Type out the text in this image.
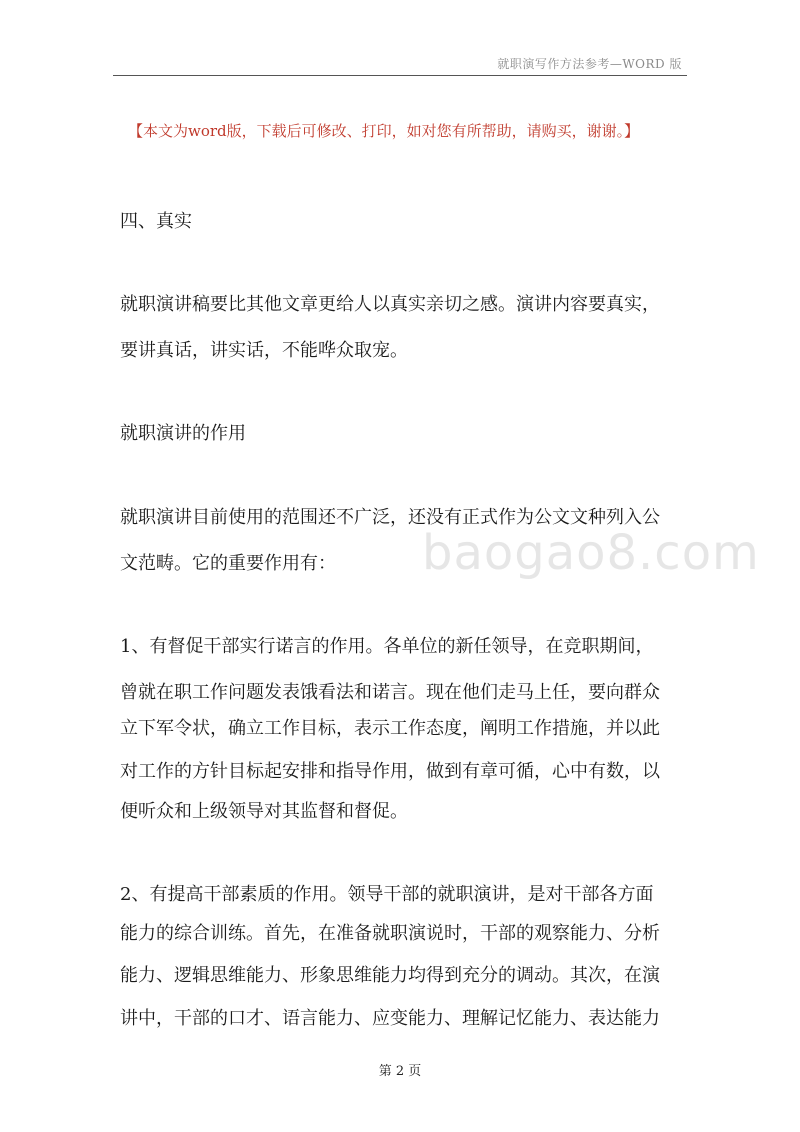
就职演写作方法参考—WORD 版
【本文为word版，下载后可修改、打印，如对您有所帮助，请购买，谢谢。】
baogao8.com
四、真实
就职演讲稿要比其他文章更给人以真实亲切之感。演讲内容要真实，
要讲真话，讲实话，不能哗众取宠。
就职演讲的作用
就职演讲目前使用的范围还不广泛，还没有正式作为公文文种列入公
文范畴。它的重要作用有：
1、有督促干部实行诺言的作用。各单位的新任领导，在竞职期间，
曾就在职工作问题发表饿看法和诺言。现在他们走马上任，要向群众
立下军令状，确立工作目标，表示工作态度，阐明工作措施，并以此
对工作的方针目标起安排和指导作用，做到有章可循，心中有数，以
便听众和上级领导对其监督和督促。
2、有提高干部素质的作用。领导干部的就职演讲，是对干部各方面
能力的综合训练。首先，在准备就职演说时，干部的观察能力、分析
能力、逻辑思维能力、形象思维能力均得到充分的调动。其次，在演
讲中，干部的口才、语言能力、应变能力、理解记忆能力、表达能力
第 2 页
